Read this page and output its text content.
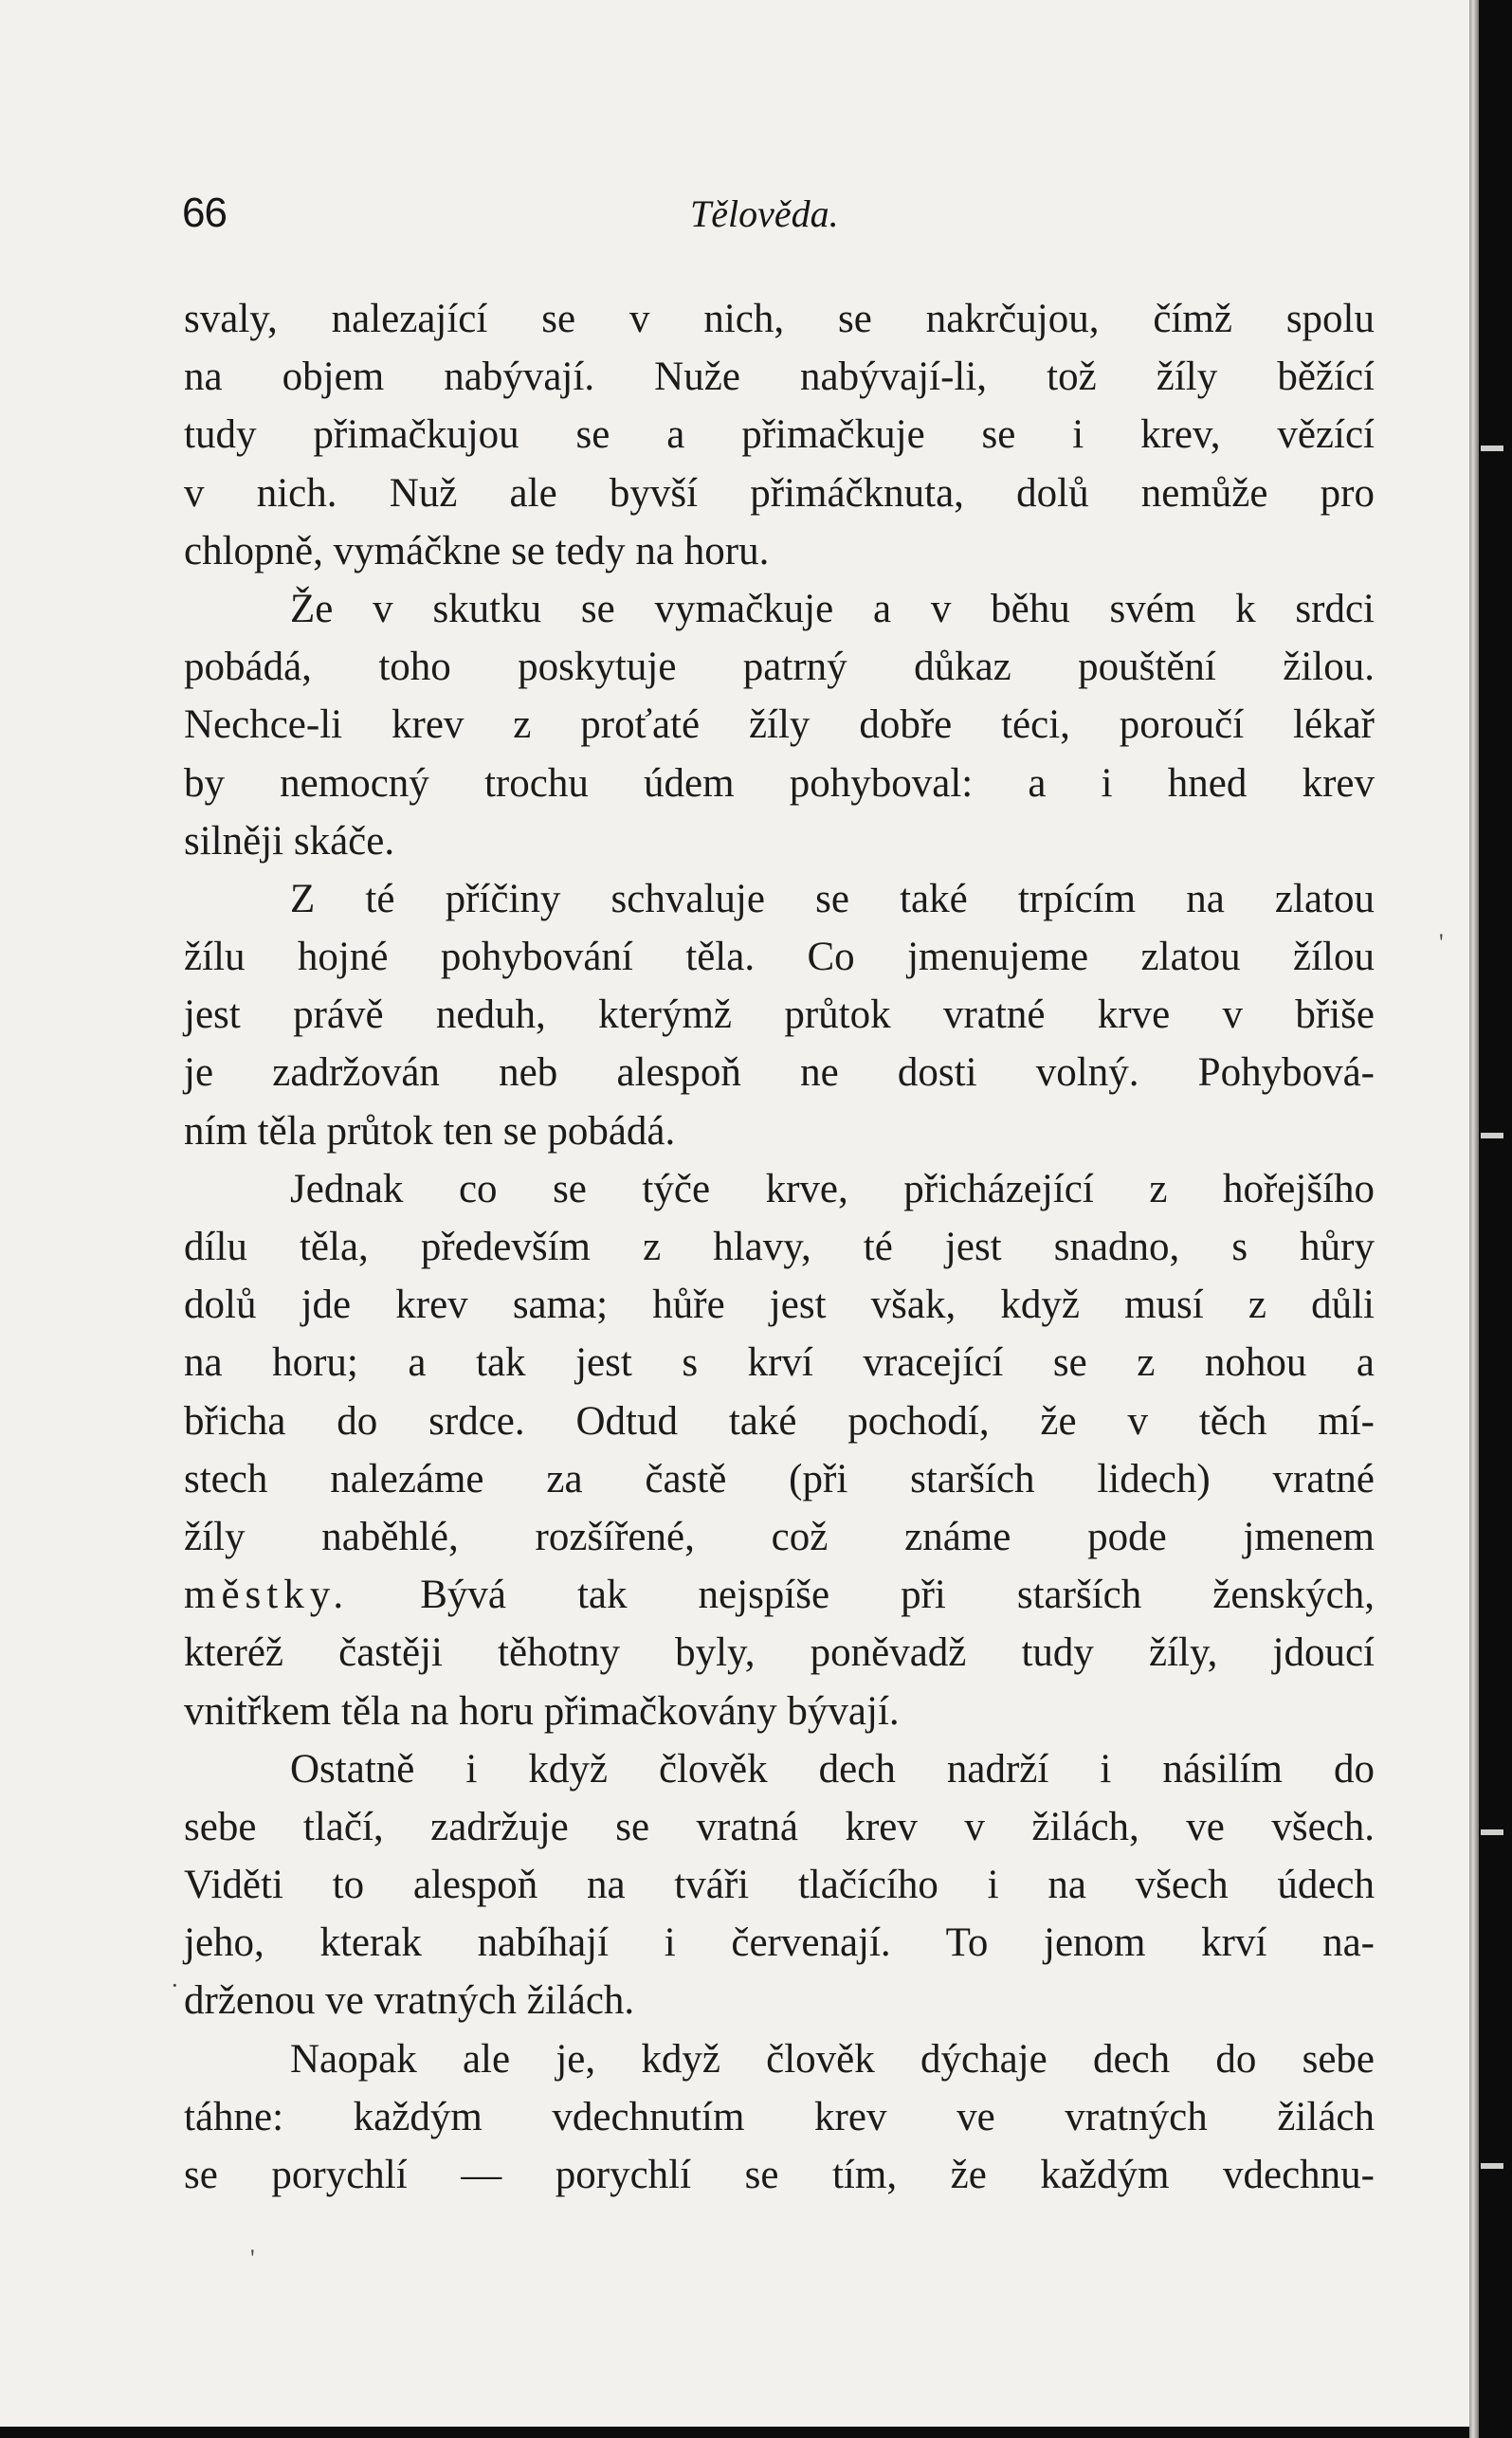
66	Tělověda.
svaly, nalezající se v nich, se nakrčujou, čímž spolu
na objem nabývají. Nuže nabývají-li, tož žíly běžící
tudy přimačkujou se a přimačkuje se i krev, vězící
v nich. Nuž ale byvší přimáčknuta, dolů nemůže pro
chlopně, vymáčkne se tedy na horu.
Že v skutku se vymačkuje a v běhu svém k srdci
pobádá, toho poskytuje patrný důkaz pouštění žilou.
Nechce-li krev z proťaté žíly dobře téci, poroučí lékař
by nemocný trochu údem pohyboval: a i hned krev
silněji skáče.
Z té příčiny schvaluje se také trpícím na zlatou
žílu hojné pohybování těla. Co jmenujeme zlatou žílou
jest právě neduh, kterýmž průtok vratné krve v břiše
je zadržován neb alespoň ne dosti volný. Pohybová-
ním těla průtok ten se pobádá.
Jednak co se týče krve, přicházející z hořejšího
dílu těla, především z hlavy, té jest snadno, s hůry
dolů jde krev sama; hůře jest však, když musí z důli
na horu; a tak jest s krví vracející se z nohou a
břicha do srdce. Odtud také pochodí, že v těch mí-
stech nalezáme za častě (při starších lidech) vratné
žíly naběhlé, rozšířené, což známe pode jmenem
městky. Bývá tak nejspíše při starších ženských,
kteréž častěji těhotny byly, poněvadž tudy žíly, jdoucí
vnitřkem těla na horu přimačkovány bývají.
Ostatně i když člověk dech nadrží i násilím do
sebe tlačí, zadržuje se vratná krev v žilách, ve všech.
Viděti to alespoň na tváři tlačícího i na všech údech
jeho, kterak nabíhají i červenají. To jenom krví na-
drženou ve vratných žilách.
Naopak ale je, když člověk dýchaje dech do sebe
táhne: každým vdechnutím krev ve vratných žilách
se porychlí — porychlí se tím, že každým vdechnu-
'
·
'
